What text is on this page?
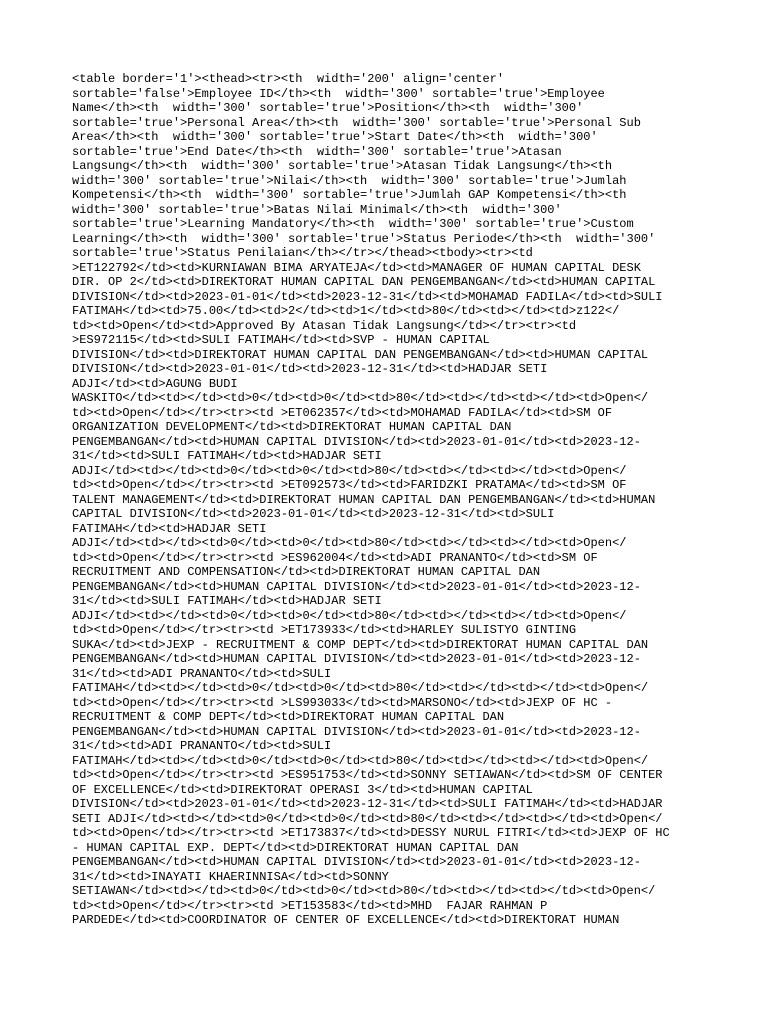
<table border='1'><thead><tr><th  width='200' align='center'
sortable='false'>Employee ID</th><th  width='300' sortable='true'>Employee
Name</th><th  width='300' sortable='true'>Position</th><th  width='300'
sortable='true'>Personal Area</th><th  width='300' sortable='true'>Personal Sub
Area</th><th  width='300' sortable='true'>Start Date</th><th  width='300'
sortable='true'>End Date</th><th  width='300' sortable='true'>Atasan
Langsung</th><th  width='300' sortable='true'>Atasan Tidak Langsung</th><th
width='300' sortable='true'>Nilai</th><th  width='300' sortable='true'>Jumlah
Kompetensi</th><th  width='300' sortable='true'>Jumlah GAP Kompetensi</th><th
width='300' sortable='true'>Batas Nilai Minimal</th><th  width='300'
sortable='true'>Learning Mandatory</th><th  width='300' sortable='true'>Custom
Learning</th><th  width='300' sortable='true'>Status Periode</th><th  width='300'
sortable='true'>Status Penilaian</th></tr></thead><tbody><tr><td
>ET122792</td><td>KURNIAWAN BIMA ARYATEJA</td><td>MANAGER OF HUMAN CAPITAL DESK
DIR. OP 2</td><td>DIREKTORAT HUMAN CAPITAL DAN PENGEMBANGAN</td><td>HUMAN CAPITAL
DIVISION</td><td>2023-01-01</td><td>2023-12-31</td><td>MOHAMAD FADILA</td><td>SULI
FATIMAH</td><td>75.00</td><td>2</td><td>1</td><td>80</td><td></td><td>z122</
td><td>Open</td><td>Approved By Atasan Tidak Langsung</td></tr><tr><td
>ES972115</td><td>SULI FATIMAH</td><td>SVP - HUMAN CAPITAL
DIVISION</td><td>DIREKTORAT HUMAN CAPITAL DAN PENGEMBANGAN</td><td>HUMAN CAPITAL
DIVISION</td><td>2023-01-01</td><td>2023-12-31</td><td>HADJAR SETI
ADJI</td><td>AGUNG BUDI
WASKITO</td><td></td><td>0</td><td>0</td><td>80</td><td></td><td></td><td>Open</
td><td>Open</td></tr><tr><td >ET062357</td><td>MOHAMAD FADILA</td><td>SM OF
ORGANIZATION DEVELOPMENT</td><td>DIREKTORAT HUMAN CAPITAL DAN
PENGEMBANGAN</td><td>HUMAN CAPITAL DIVISION</td><td>2023-01-01</td><td>2023-12-
31</td><td>SULI FATIMAH</td><td>HADJAR SETI
ADJI</td><td></td><td>0</td><td>0</td><td>80</td><td></td><td></td><td>Open</
td><td>Open</td></tr><tr><td >ET092573</td><td>FARIDZKI PRATAMA</td><td>SM OF
TALENT MANAGEMENT</td><td>DIREKTORAT HUMAN CAPITAL DAN PENGEMBANGAN</td><td>HUMAN
CAPITAL DIVISION</td><td>2023-01-01</td><td>2023-12-31</td><td>SULI
FATIMAH</td><td>HADJAR SETI
ADJI</td><td></td><td>0</td><td>0</td><td>80</td><td></td><td></td><td>Open</
td><td>Open</td></tr><tr><td >ES962004</td><td>ADI PRANANTO</td><td>SM OF
RECRUITMENT AND COMPENSATION</td><td>DIREKTORAT HUMAN CAPITAL DAN
PENGEMBANGAN</td><td>HUMAN CAPITAL DIVISION</td><td>2023-01-01</td><td>2023-12-
31</td><td>SULI FATIMAH</td><td>HADJAR SETI
ADJI</td><td></td><td>0</td><td>0</td><td>80</td><td></td><td></td><td>Open</
td><td>Open</td></tr><tr><td >ET173933</td><td>HARLEY SULISTYO GINTING
SUKA</td><td>JEXP - RECRUITMENT & COMP DEPT</td><td>DIREKTORAT HUMAN CAPITAL DAN
PENGEMBANGAN</td><td>HUMAN CAPITAL DIVISION</td><td>2023-01-01</td><td>2023-12-
31</td><td>ADI PRANANTO</td><td>SULI
FATIMAH</td><td></td><td>0</td><td>0</td><td>80</td><td></td><td></td><td>Open</
td><td>Open</td></tr><tr><td >LS993033</td><td>MARSONO</td><td>JEXP OF HC -
RECRUITMENT & COMP DEPT</td><td>DIREKTORAT HUMAN CAPITAL DAN
PENGEMBANGAN</td><td>HUMAN CAPITAL DIVISION</td><td>2023-01-01</td><td>2023-12-
31</td><td>ADI PRANANTO</td><td>SULI
FATIMAH</td><td></td><td>0</td><td>0</td><td>80</td><td></td><td></td><td>Open</
td><td>Open</td></tr><tr><td >ES951753</td><td>SONNY SETIAWAN</td><td>SM OF CENTER
OF EXCELLENCE</td><td>DIREKTORAT OPERASI 3</td><td>HUMAN CAPITAL
DIVISION</td><td>2023-01-01</td><td>2023-12-31</td><td>SULI FATIMAH</td><td>HADJAR
SETI ADJI</td><td></td><td>0</td><td>0</td><td>80</td><td></td><td></td><td>Open</
td><td>Open</td></tr><tr><td >ET173837</td><td>DESSY NURUL FITRI</td><td>JEXP OF HC
- HUMAN CAPITAL EXP. DEPT</td><td>DIREKTORAT HUMAN CAPITAL DAN
PENGEMBANGAN</td><td>HUMAN CAPITAL DIVISION</td><td>2023-01-01</td><td>2023-12-
31</td><td>INAYATI KHAERINNISA</td><td>SONNY
SETIAWAN</td><td></td><td>0</td><td>0</td><td>80</td><td></td><td></td><td>Open</
td><td>Open</td></tr><tr><td >ET153583</td><td>MHD  FAJAR RAHMAN P
PARDEDE</td><td>COORDINATOR OF CENTER OF EXCELLENCE</td><td>DIREKTORAT HUMAN
